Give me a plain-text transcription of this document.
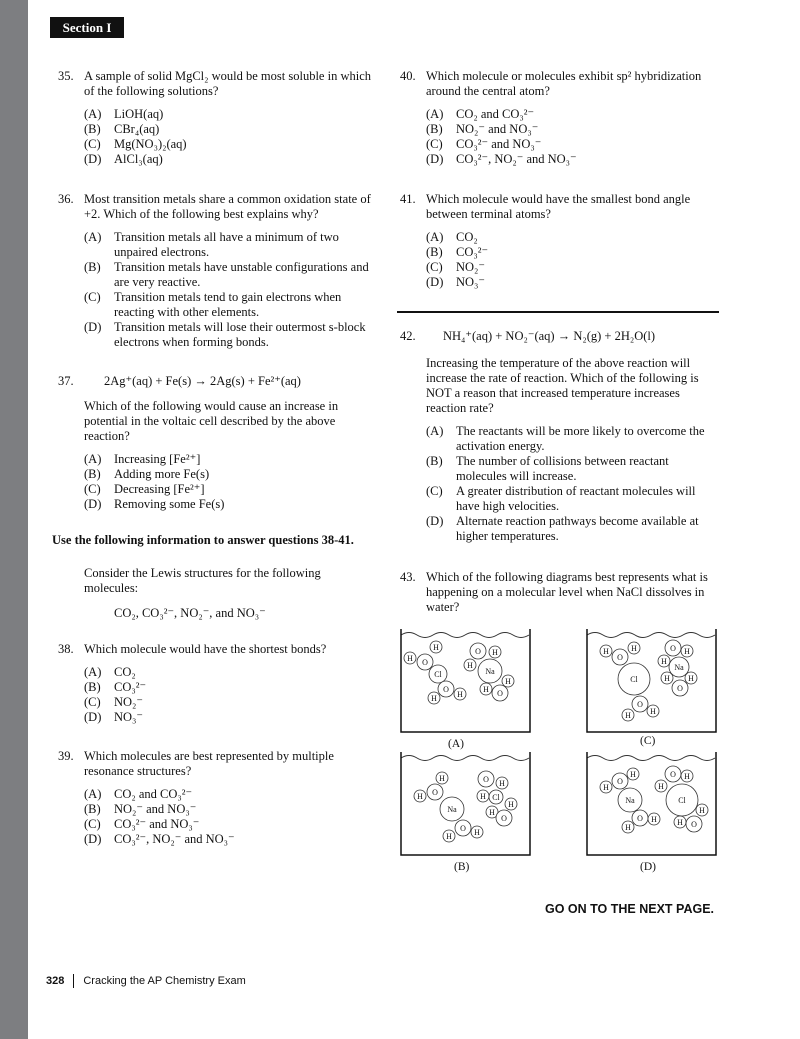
Section I
35. A sample of solid MgCl₂ would be most soluble in which of the following solutions?
(A)	LiOH(aq)
(B)	CBr₄(aq)
(C)	Mg(NO₃)₂(aq)
(D)	AlCl₃(aq)
36. Most transition metals share a common oxidation state of +2. Which of the following best explains why?
(A)	Transition metals all have a minimum of two unpaired electrons.
(B)	Transition metals have unstable configurations and are very reactive.
(C)	Transition metals tend to gain electrons when reacting with other elements.
(D)	Transition metals will lose their outermost s-block electrons when forming bonds.
37.	2Ag⁺(aq) + Fe(s) → 2Ag(s) + Fe²⁺(aq)
Which of the following would cause an increase in potential in the voltaic cell described by the above reaction?
(A)	Increasing [Fe²⁺]
(B)	Adding more Fe(s)
(C)	Decreasing [Fe²⁺]
(D)	Removing some Fe(s)
Consider the Lewis structures for the following molecules:
CO₂, CO₃²⁻, NO₂⁻, and NO₃⁻
38. Which molecule would have the shortest bonds?
(A)	CO₂
(B)	CO₃²⁻
(C)	NO₂⁻
(D)	NO₃⁻
39. Which molecules are best represented by multiple resonance structures?
(A)	CO₂ and CO₃²⁻
(B)	NO₂⁻ and NO₃⁻
(C)	CO₃²⁻ and NO₃⁻
(D)	CO₃²⁻, NO₂⁻ and NO₃⁻
Use the following information to answer questions 38-41.
40. Which molecule or molecules exhibit sp² hybridization around the central atom?
(A)	CO₂ and CO₃²⁻
(B)	NO₂⁻ and NO₃⁻
(C)	CO₃²⁻ and NO₃⁻
(D)	CO₃²⁻, NO₂⁻ and NO₃⁻
41. Which molecule would have the smallest bond angle between terminal atoms?
(A)	CO₂
(B)	CO₃²⁻
(C)	NO₂⁻
(D)	NO₃⁻
42.	NH₄⁺(aq) + NO₂⁻(aq) → N₂(g) + 2H₂O(l)
Increasing the temperature of the above reaction will increase the rate of reaction. Which of the following is NOT a reason that increased temperature increases reaction rate?
(A)	The reactants will be more likely to overcome the activation energy.
(B)	The number of collisions between reactant molecules will increase.
(C)	A greater distribution of reactant molecules will have high velocities.
(D)	Alternate reaction pathways become available at higher temperatures.
43. Which of the following diagrams best represents what is happening on a molecular level when NaCl dissolves in water?
H
H O
Cl
O H
H
Na
H
O
H
H
H O
(A)
H
O
H	O H
H
Na
Cl	H H
O
O
H
H
(C)
H
O
H
Na
O H
H Cl
H
H
O
O H
H
(B)
H
O
H
Na
O H
H
Cl
H
H O
O H
H
(D)
GO ON TO THE NEXT PAGE.
328 Cracking the AP Chemistry Exam
